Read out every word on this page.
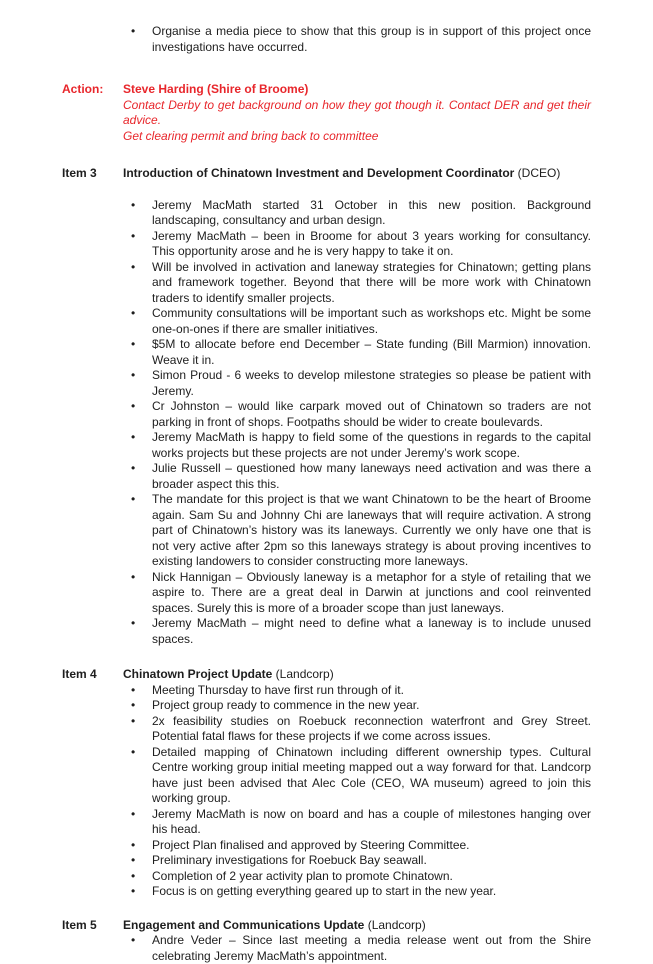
• Organise a media piece to show that this group is in support of this project once investigations have occurred.
Action:	Steve Harding (Shire of Broome)
Contact Derby to get background on how they got though it. Contact DER and get their advice.
Get clearing permit and bring back to committee
Item 3	Introduction of Chinatown Investment and Development Coordinator (DCEO)
• Jeremy MacMath started 31 October in this new position. Background landscaping, consultancy and urban design.
• Jeremy MacMath – been in Broome for about 3 years working for consultancy. This opportunity arose and he is very happy to take it on.
• Will be involved in activation and laneway strategies for Chinatown; getting plans and framework together. Beyond that there will be more work with Chinatown traders to identify smaller projects.
• Community consultations will be important such as workshops etc. Might be some one-on-ones if there are smaller initiatives.
• $5M to allocate before end December – State funding (Bill Marmion) innovation. Weave it in.
• Simon Proud - 6 weeks to develop milestone strategies so please be patient with Jeremy.
• Cr Johnston – would like carpark moved out of Chinatown so traders are not parking in front of shops. Footpaths should be wider to create boulevards.
• Jeremy MacMath is happy to field some of the questions in regards to the capital works projects but these projects are not under Jeremy’s work scope.
• Julie Russell – questioned how many laneways need activation and was there a broader aspect this this.
• The mandate for this project is that we want Chinatown to be the heart of Broome again. Sam Su and Johnny Chi are laneways that will require activation. A strong part of Chinatown’s history was its laneways. Currently we only have one that is not very active after 2pm so this laneways strategy is about proving incentives to existing landowers to consider constructing more laneways.
• Nick Hannigan – Obviously laneway is a metaphor for a style of retailing that we aspire to. There are a great deal in Darwin at junctions and cool reinvented spaces. Surely this is more of a broader scope than just laneways.
• Jeremy MacMath – might need to define what a laneway is to include unused spaces.
Item 4	Chinatown Project Update (Landcorp)
• Meeting Thursday to have first run through of it.
• Project group ready to commence in the new year.
• 2x feasibility studies on Roebuck reconnection waterfront and Grey Street. Potential fatal flaws for these projects if we come across issues.
• Detailed mapping of Chinatown including different ownership types. Cultural Centre working group initial meeting mapped out a way forward for that. Landcorp have just been advised that Alec Cole (CEO, WA museum) agreed to join this working group.
• Jeremy MacMath is now on board and has a couple of milestones hanging over his head.
• Project Plan finalised and approved by Steering Committee.
• Preliminary investigations for Roebuck Bay seawall.
• Completion of 2 year activity plan to promote Chinatown.
• Focus is on getting everything geared up to start in the new year.
Item 5	Engagement and Communications Update (Landcorp)
• Andre Veder – Since last meeting a media release went out from the Shire celebrating Jeremy MacMath’s appointment.
